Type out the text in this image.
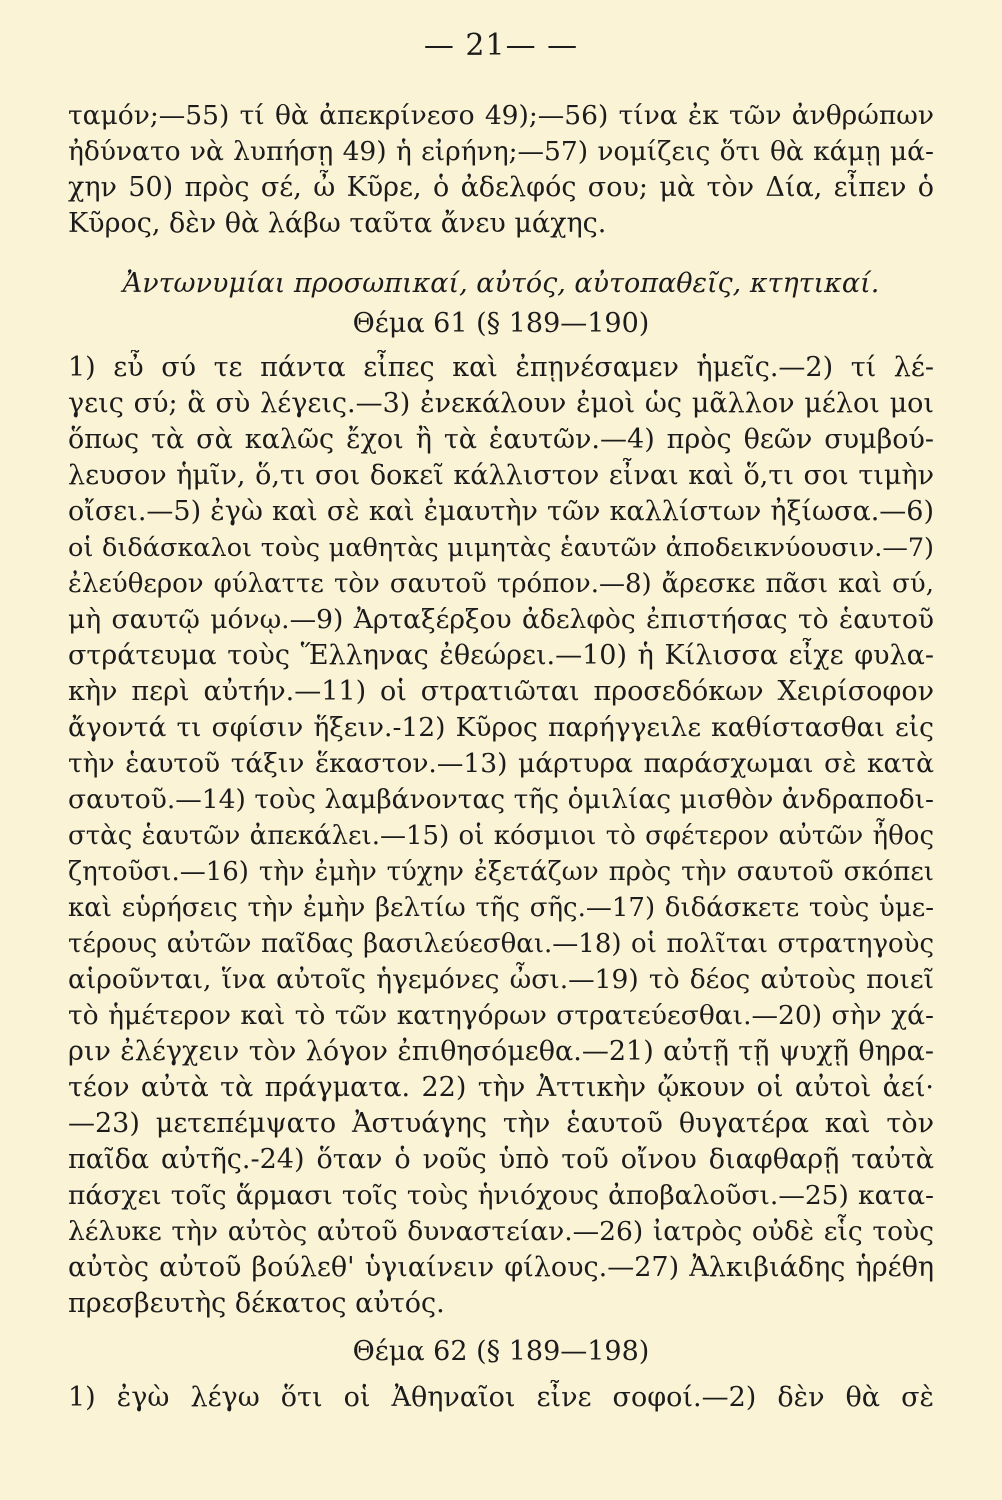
— 21— —
ταμόν;—55) τί θὰ ἀπεκρίνεσο 49);—56) τίνα ἐκ τῶν ἀνθρώπων
ἠδύνατο νὰ λυπήσῃ 49) ἡ εἰρήνη;—57) νομίζεις ὅτι θὰ κάμῃ μά-
χην 50) πρὸς σέ, ὦ Κῦρε, ὁ ἀδελφός σου; μὰ τὸν Δία, εἶπεν ὁ
Κῦρος, δὲν θὰ λάβω ταῦτα ἄνευ μάχης.
Ἀντωνυμίαι προσωπικαί, αὐτός, αὐτοπαθεῖς, κτητικαί.
Θέμα 61 (§ 189—190)
1) εὖ σύ τε πάντα εἶπες καὶ ἐπῃνέσαμεν ἡμεῖς.—2) τί λέ-
γεις σύ; ἃ σὺ λέγεις.—3) ἐνεκάλουν ἐμοὶ ὡς μᾶλλον μέλοι μοι
ὅπως τὰ σὰ καλῶς ἔχοι ἢ τὰ ἑαυτῶν.—4) πρὸς θεῶν συμβού-
λευσον ἡμῖν, ὅ,τι σοι δοκεῖ κάλλιστον εἶναι καὶ ὅ,τι σοι τιμὴν
οἴσει.—5) ἐγὼ καὶ σὲ καὶ ἐμαυτὴν τῶν καλλίστων ἠξίωσα.—6)
οἱ διδάσκαλοι τοὺς μαθητὰς μιμητὰς ἑαυτῶν ἀποδεικνύουσιν.—7)
ἐλεύθερον φύλαττε τὸν σαυτοῦ τρόπον.—8) ἄρεσκε πᾶσι καὶ σύ,
μὴ σαυτῷ μόνῳ.—9) Ἀρταξέρξου ἀδελφὸς ἐπιστήσας τὸ ἑαυτοῦ
στράτευμα τοὺς Ἕλληνας ἐθεώρει.—10) ἡ Κίλισσα εἶχε φυλα-
κὴν περὶ αὐτήν.—11) οἱ στρατιῶται προσεδόκων Χειρίσοφον
ἄγοντά τι σφίσιν ἥξειν.-12) Κῦρος παρήγγειλε καθίστασθαι εἰς
τὴν ἑαυτοῦ τάξιν ἕκαστον.—13) μάρτυρα παράσχωμαι σὲ κατὰ
σαυτοῦ.—14) τοὺς λαμβάνοντας τῆς ὁμιλίας μισθὸν ἀνδραποδι-
στὰς ἑαυτῶν ἀπεκάλει.—15) οἱ κόσμιοι τὸ σφέτερον αὐτῶν ἦθος
ζητοῦσι.—16) τὴν ἐμὴν τύχην ἐξετάζων πρὸς τὴν σαυτοῦ σκόπει
καὶ εὑρήσεις τὴν ἐμὴν βελτίω τῆς σῆς.—17) διδάσκετε τοὺς ὑμε-
τέρους αὐτῶν παῖδας βασιλεύεσθαι.—18) οἱ πολῖται στρατηγοὺς
αἱροῦνται, ἵνα αὐτοῖς ἡγεμόνες ὦσι.—19) τὸ δέος αὐτοὺς ποιεῖ
τὸ ἡμέτερον καὶ τὸ τῶν κατηγόρων στρατεύεσθαι.—20) σὴν χά-
ριν ἐλέγχειν τὸν λόγον ἐπιθησόμεθα.—21) αὐτῇ τῇ ψυχῇ θηρα-
τέον αὐτὰ τὰ πράγματα. 22) τὴν Ἀττικὴν ᾤκουν οἱ αὐτοὶ ἀεί·
—23) μετεπέμψατο Ἀστυάγης τὴν ἑαυτοῦ θυγατέρα καὶ τὸν
παῖδα αὐτῆς.-24) ὅταν ὁ νοῦς ὑπὸ τοῦ οἴνου διαφθαρῇ ταὐτὰ
πάσχει τοῖς ἅρμασι τοῖς τοὺς ἡνιόχους ἀποβαλοῦσι.—25) κατα-
λέλυκε τὴν αὐτὸς αὐτοῦ δυναστείαν.—26) ἰατρὸς οὐδὲ εἷς τοὺς
αὐτὸς αὐτοῦ βούλεθ' ὑγιαίνειν φίλους.—27) Ἀλκιβιάδης ἡρέθη
πρεσβευτὴς δέκατος αὐτός.
Θέμα 62 (§ 189—198)
1) ἐγὼ λέγω ὅτι οἱ Ἀθηναῖοι εἶνε σοφοί.—2) δὲν θὰ σὲ
